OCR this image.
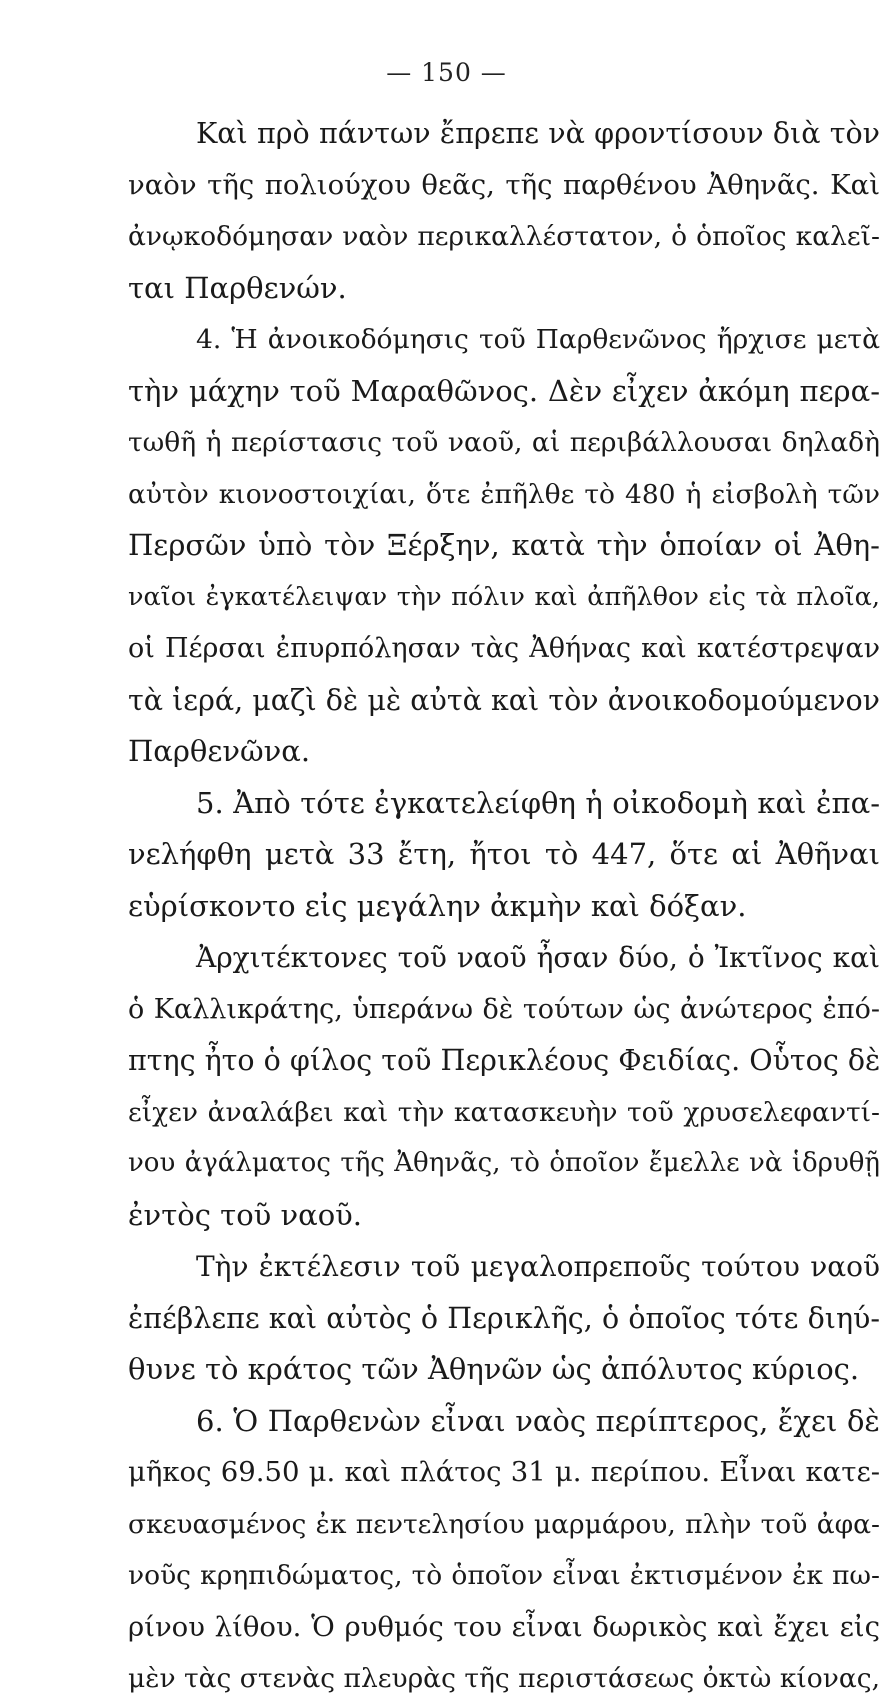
— 150 —
Καὶ πρὸ πάντων ἔπρεπε νὰ φροντίσουν διὰ τὸν
ναὸν τῆς πολιούχου θεᾶς, τῆς παρθένου Ἀθηνᾶς. Καὶ
ἀνῳκοδόμησαν ναὸν περικαλλέστατον, ὁ ὁποῖος καλεῖ-
ται Παρθενών.
4. Ἡ ἀνοικοδόμησις τοῦ Παρθενῶνος ἤρχισε μετὰ
τὴν μάχην τοῦ Μαραθῶνος. Δὲν εἶχεν ἀκόμη περα-
τωθῆ ἡ περίστασις τοῦ ναοῦ, αἱ περιβάλλουσαι δηλαδὴ
αὐτὸν κιονοστοιχίαι, ὅτε ἐπῆλθε τὸ 480 ἡ εἰσβολὴ τῶν
Περσῶν ὑπὸ τὸν Ξέρξην, κατὰ τὴν ὁποίαν οἱ Ἀθη-
ναῖοι ἐγκατέλειψαν τὴν πόλιν καὶ ἀπῆλθον εἰς τὰ πλοῖα,
οἱ Πέρσαι ἐπυρπόλησαν τὰς Ἀθήνας καὶ κατέστρεψαν
τὰ ἱερά, μαζὶ δὲ μὲ αὐτὰ καὶ τὸν ἀνοικοδομούμενον
Παρθενῶνα.
5. Ἀπὸ τότε ἐγκατελείφθη ἡ οἰκοδομὴ καὶ ἐπα-
νελήφθη μετὰ 33 ἔτη, ἤτοι τὸ 447, ὅτε αἱ Ἀθῆναι
εὑρίσκοντο εἰς μεγάλην ἀκμὴν καὶ δόξαν.
Ἀρχιτέκτονες τοῦ ναοῦ ἦσαν δύο, ὁ Ἰκτῖνος καὶ
ὁ Καλλικράτης, ὑπεράνω δὲ τούτων ὡς ἀνώτερος ἐπό-
πτης ἦτο ὁ φίλος τοῦ Περικλέους Φειδίας. Οὗτος δὲ
εἶχεν ἀναλάβει καὶ τὴν κατασκευὴν τοῦ χρυσελεφαντί-
νου ἀγάλματος τῆς Ἀθηνᾶς, τὸ ὁποῖον ἔμελλε νὰ ἱδρυθῇ
ἐντὸς τοῦ ναοῦ.
Τὴν ἐκτέλεσιν τοῦ μεγαλοπρεποῦς τούτου ναοῦ
ἐπέβλεπε καὶ αὐτὸς ὁ Περικλῆς, ὁ ὁποῖος τότε διηύ-
θυνε τὸ κράτος τῶν Ἀθηνῶν ὡς ἀπόλυτος κύριος.
6. Ὁ Παρθενὼν εἶναι ναὸς περίπτερος, ἔχει δὲ
μῆκος 69.50 μ. καὶ πλάτος 31 μ. περίπου. Εἶναι κατε-
σκευασμένος ἐκ πεντελησίου μαρμάρου, πλὴν τοῦ ἀφα-
νοῦς κρηπιδώματος, τὸ ὁποῖον εἶναι ἐκτισμένον ἐκ πω-
ρίνου λίθου. Ὁ ρυθμός του εἶναι δωρικὸς καὶ ἔχει εἰς
μὲν τὰς στενὰς πλευρὰς τῆς περιστάσεως ὀκτὼ κίονας,
